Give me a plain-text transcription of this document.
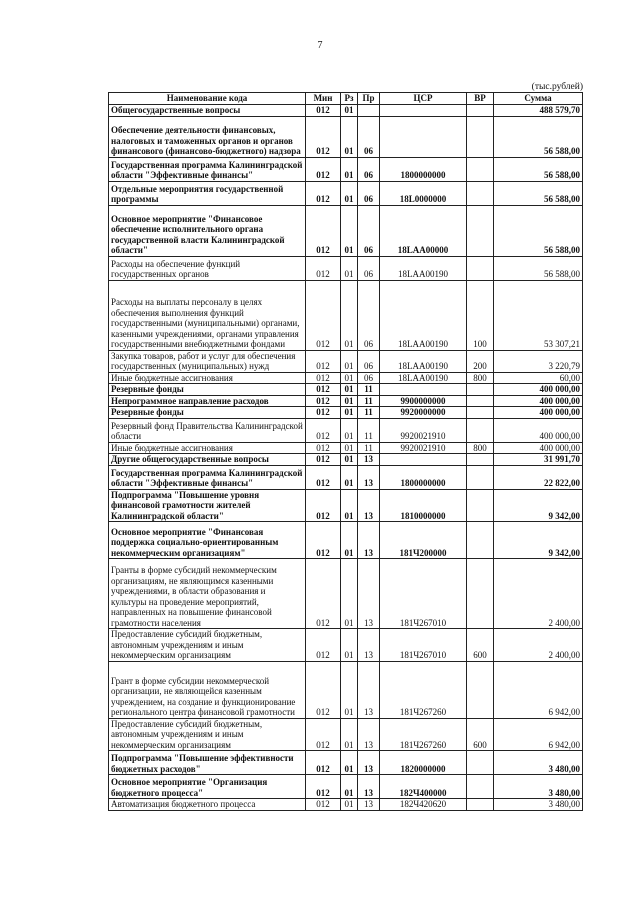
7
(тыс.рублей)
Наименование кода	Мин	Рз	Пр	ЦСР	ВР	Сумма
Общегосударственные вопросы	012	01				488 579,70
Обеспечение деятельности финансовых, налоговых и таможенных органов и органов финансового (финансово-бюджетного) надзора	012	01	06			56 588,00
Государственная программа Калининградской области "Эффективные финансы"	012	01	06	1800000000		56 588,00
Отдельные мероприятия государственной программы	012	01	06	18L0000000		56 588,00
Основное мероприятие "Финансовое обеспечение исполнительного органа государственной власти Калининградской области"	012	01	06	18LAA00000		56 588,00
Расходы на обеспечение функций государственных органов	012	01	06	18LAA00190		56 588,00
Расходы на выплаты персоналу в целях обеспечения выполнения функций государственными (муниципальными) органами, казенными учреждениями, органами управления государственными внебюджетными фондами	012	01	06	18LAA00190	100	53 307,21
Закупка товаров, работ и услуг для обеспечения государственных (муниципальных) нужд	012	01	06	18LAA00190	200	3 220,79
Иные бюджетные ассигнования	012	01	06	18LAA00190	800	60,00
Резервные фонды	012	01	11			400 000,00
Непрограммное направление расходов	012	01	11	9900000000		400 000,00
Резервные фонды	012	01	11	9920000000		400 000,00
Резервный фонд Правительства Калининградской области	012	01	11	9920021910		400 000,00
Иные бюджетные ассигнования	012	01	11	9920021910	800	400 000,00
Другие общегосударственные вопросы	012	01	13			31 991,70
Государственная программа Калининградской области "Эффективные финансы"	012	01	13	1800000000		22 822,00
Подпрограмма "Повышение уровня финансовой грамотности жителей Калининградской области"	012	01	13	1810000000		9 342,00
Основное мероприятие "Финансовая поддержка социально-ориентированным некоммерческим организациям"	012	01	13	181Ч200000		9 342,00
Гранты в форме субсидий некоммерческим организациям, не являющимся казенными учреждениями, в области образования и культуры на проведение мероприятий, направленных на повышение финансовой грамотности населения	012	01	13	181Ч267010		2 400,00
Предоставление субсидий бюджетным, автономным учреждениям и иным некоммерческим организациям	012	01	13	181Ч267010	600	2 400,00
Грант в форме субсидии некоммерческой организации, не являющейся казенным учреждением, на создание и функционирование регионального центра финансовой грамотности	012	01	13	181Ч267260		6 942,00
Предоставление субсидий бюджетным, автономным учреждениям и иным некоммерческим организациям	012	01	13	181Ч267260	600	6 942,00
Подпрограмма "Повышение эффективности бюджетных расходов"	012	01	13	1820000000		3 480,00
Основное мероприятие "Организация бюджетного процесса"	012	01	13	182Ч400000		3 480,00
Автоматизация бюджетного процесса	012	01	13	182Ч420620		3 480,00
